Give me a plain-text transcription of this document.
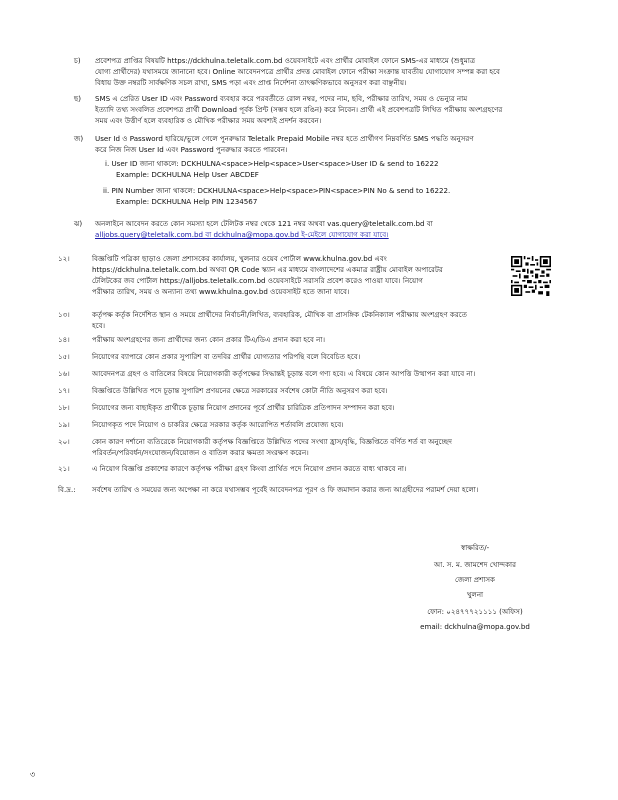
চ) প্রবেশপত্র প্রাপ্তির বিষয়টি https://dckhulna.teletalk.com.bd ওয়েবসাইটে এবং প্রার্থীর মোবাইল ফোনে SMS-এর মাধ্যমে (শুধুমাত্র

যোগ্য প্রার্থীদের) যথাসময়ে জানানো হবে। Online আবেদনপত্রে প্রার্থীর প্রদত্ত মোবাইল ফোনে পরীক্ষা সংক্রান্ত যাবতীয় যোগাযোগ সম্পন্ন করা হবে

বিধায় উক্ত নম্বরটি সার্বক্ষণিক সচল রাখা, SMS পড়া এবং প্রাপ্ত নির্দেশনা তাৎক্ষণিকভাবে অনুসরণ করা বাঞ্ছনীয়।

ছ) SMS এ প্রেরিত User ID এবং Password ব্যবহার করে পরবর্তীতে রোল নম্বর, পদের নাম, ছবি, পরীক্ষার তারিখ, সময় ও ভেন্যুর নাম

ইত্যাদি তথ্য সংবলিত প্রবেশপত্র প্রার্থী Download পূর্বক প্রিন্ট (সম্ভব হলে রঙিন) করে নিবেন। প্রার্থী এই প্রবেশপত্রটি লিখিত পরীক্ষায় অংশগ্রহণের

সময় এবং উত্তীর্ণ হলে ব্যবহারিক ও মৌখিক পরীক্ষার সময় অবশ্যই প্রদর্শন করবেন।

জ) User Id ও Password হারিয়ে/ভুলে গেলে পুনরুদ্ধার Teletalk Prepaid Mobile নম্বর হতে প্রার্থীগণ নিম্নবর্ণিত SMS পদ্ধতি অনুসরণ

করে নিজ নিজ User Id এবং Password পুনরুদ্ধার করতে পারবেন।

i. User ID জানা থাকলে: DCKHULNA<space>Help<space>User<space>User ID & send to 16222

Example: DCKHULNA Help User ABCDEF

ii. PIN Number জানা থাকলে: DCKHULNA<space>Help<space>PIN<space>PIN No & send to 16222.

Example: DCKHULNA Help PIN 1234567

ঝ) অনলাইনে আবেদন করতে কোন সমস্যা হলে টেলিটক নম্বর থেকে 121 নম্বর অথবা vas.query@teletalk.com.bd বা

alljobs.query@teletalk.com.bd বা dckhulna@mopa.gov.bd ই-মেইলে যোগাযোগ করা যাবে।

১২।	বিজ্ঞপ্তিটি পত্রিকা ছাড়াও জেলা প্রশাসকের কার্যালয়, খুলনার ওয়েব পোর্টাল www.khulna.gov.bd এবং

https://dckhulna.teletalk.com.bd অথবা QR Code স্ক্যান এর মাধ্যমে বাংলাদেশের একমাত্র রাষ্ট্রীয় মোবাইল অপারেটর

টেলিটকের জব পোর্টাল https://alljobs.teletalk.com.bd ওয়েবসাইটে সরাসরি প্রবেশ করেও পাওয়া যাবে। নিয়োগ

পরীক্ষার তারিখ, সময় ও অন্যান্য তথ্য www.khulna.gov.bd ওয়েবসাইট হতে জানা যাবে।

১৩।	কর্তৃপক্ষ কর্তৃক নির্দেশিত স্থান ও সময়ে প্রার্থীদের নির্বাচনী/লিখিত, ব্যবহারিক, মৌখিক বা প্রাসঙ্গিক টেকনিক্যাল পরীক্ষায় অংশগ্রহণ করতে

হবে।

১৪।	পরীক্ষায় অংশগ্রহণের জন্য প্রার্থীদের জন্য কোন প্রকার টিএ/ডিএ প্রদান করা হবে না।
১৫।	নিয়োগের ব্যাপারে কোন প্রকার সুপারিশ বা তদবির প্রার্থীর যোগ্যতার পরিপন্থি বলে বিবেচিত হবে।
১৬।	আবেদনপত্র গ্রহণ ও বাতিলের বিষয়ে নিয়োগকারী কর্তৃপক্ষের সিদ্ধান্তই চূড়ান্ত বলে গণ্য হবে। এ বিষয়ে কোন আপত্তি উত্থাপন করা যাবে না।
১৭।	বিজ্ঞপ্তিতে উল্লিখিত পদে চূড়ান্ত সুপারিশ প্রণয়নের ক্ষেত্রে সরকারের সর্বশেষ কোটা নীতি অনুসরণ করা হবে।
১৮।	নিয়োগের জন্য বাছাইকৃত প্রার্থীকে চূড়ান্ত নিয়োগ প্রদানের পূর্বে প্রার্থীর চারিত্রিক প্রতিপাদন সম্পাদন করা হবে।
১৯।	নিয়োগকৃত পদে নিয়োগ ও চাকরির ক্ষেত্রে সরকার কর্তৃক আরোপিত শর্তাবলি প্রযোজ্য হবে।
২০।	কোন কারণ দর্শানো ব্যতিরেকে নিয়োগকারী কর্তৃপক্ষ বিজ্ঞপ্তিতে উল্লিখিত পদের সংখ্যা হ্রাস/বৃদ্ধি, বিজ্ঞপ্তিতে বর্ণিত শর্ত বা অনুচ্ছেদ

পরিবর্তন/পরিবর্ধন/সংযোজন/বিয়োজন ও বাতিল করার ক্ষমতা সংরক্ষণ করেন।

২১।	এ নিয়োগ বিজ্ঞপ্তি প্রকাশের কারণে কর্তৃপক্ষ পরীক্ষা গ্রহণ কিংবা প্রার্থিত পদে নিয়োগ প্রদান করতে বাধ্য থাকবে না।
বি.দ্র.: সর্বশেষ তারিখ ও সময়ের জন্য অপেক্ষা না করে যথাসম্ভব পূর্বেই আবেদনপত্র পূরণ ও ফি জমাদান করার জন্য আগ্রহীদের পরামর্শ দেয়া হলো।
স্বাক্ষরিত/-
আ. স. ম. জামশেদ খোন্দকার
জেলা প্রশাসক
খুলনা
ফোন: ০২৪৭৭৭২১১১১ (অফিস)
email: dckhulna@mopa.gov.bd
৩
